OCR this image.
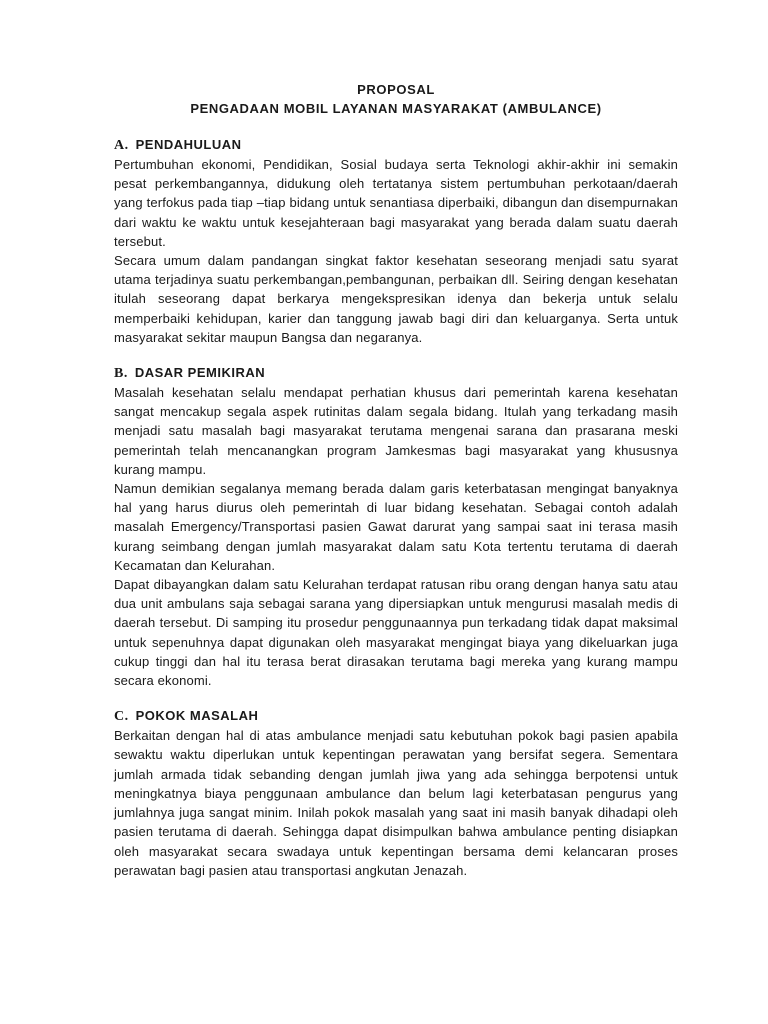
PROPOSAL

PENGADAAN MOBIL LAYANAN MASYARAKAT (AMBULANCE)

A. PENDAHULUAN

Pertumbuhan ekonomi, Pendidikan, Sosial budaya serta Teknologi akhir-akhir ini semakin pesat perkembangannya, didukung oleh tertatanya sistem pertumbuhan perkotaan/daerah yang terfokus pada tiap –tiap bidang untuk senantiasa diperbaiki, dibangun dan disempurnakan dari waktu ke waktu untuk kesejahteraan bagi masyarakat yang berada dalam suatu daerah tersebut.

Secara umum dalam pandangan singkat faktor kesehatan seseorang menjadi satu syarat utama terjadinya suatu perkembangan,pembangunan, perbaikan dll. Seiring dengan kesehatan itulah seseorang dapat berkarya mengekspresikan idenya dan bekerja untuk selalu memperbaiki kehidupan, karier dan tanggung jawab bagi diri dan keluarganya. Serta untuk masyarakat sekitar maupun Bangsa dan negaranya.

B. DASAR PEMIKIRAN

Masalah kesehatan selalu mendapat perhatian khusus dari pemerintah karena kesehatan sangat mencakup segala aspek rutinitas dalam segala bidang. Itulah yang terkadang masih menjadi satu masalah bagi masyarakat terutama mengenai sarana dan prasarana meski pemerintah telah mencanangkan program Jamkesmas bagi masyarakat yang khususnya kurang mampu.

Namun demikian segalanya memang berada dalam garis keterbatasan mengingat banyaknya hal yang harus diurus oleh pemerintah di luar bidang kesehatan. Sebagai contoh adalah masalah Emergency/Transportasi pasien Gawat darurat yang sampai saat ini terasa masih kurang seimbang dengan jumlah masyarakat dalam satu Kota tertentu terutama di daerah Kecamatan dan Kelurahan.

Dapat dibayangkan dalam satu Kelurahan terdapat ratusan ribu orang dengan hanya satu atau dua unit ambulans saja sebagai sarana yang dipersiapkan untuk mengurusi masalah medis di daerah tersebut. Di samping itu prosedur penggunaannya pun terkadang tidak dapat maksimal untuk sepenuhnya dapat digunakan oleh masyarakat mengingat biaya yang dikeluarkan juga cukup tinggi dan hal itu terasa berat dirasakan terutama bagi mereka yang kurang mampu secara ekonomi.

C. POKOK MASALAH

Berkaitan dengan hal di atas ambulance menjadi satu kebutuhan pokok bagi pasien apabila sewaktu waktu diperlukan untuk kepentingan perawatan yang bersifat segera. Sementara jumlah armada tidak sebanding dengan jumlah jiwa yang ada sehingga berpotensi untuk meningkatnya biaya penggunaan ambulance dan belum lagi keterbatasan pengurus yang jumlahnya juga sangat minim. Inilah pokok masalah yang saat ini masih banyak dihadapi oleh pasien terutama di daerah. Sehingga dapat disimpulkan bahwa ambulance penting disiapkan oleh masyarakat secara swadaya untuk kepentingan bersama demi kelancaran proses perawatan bagi pasien atau transportasi angkutan Jenazah.
